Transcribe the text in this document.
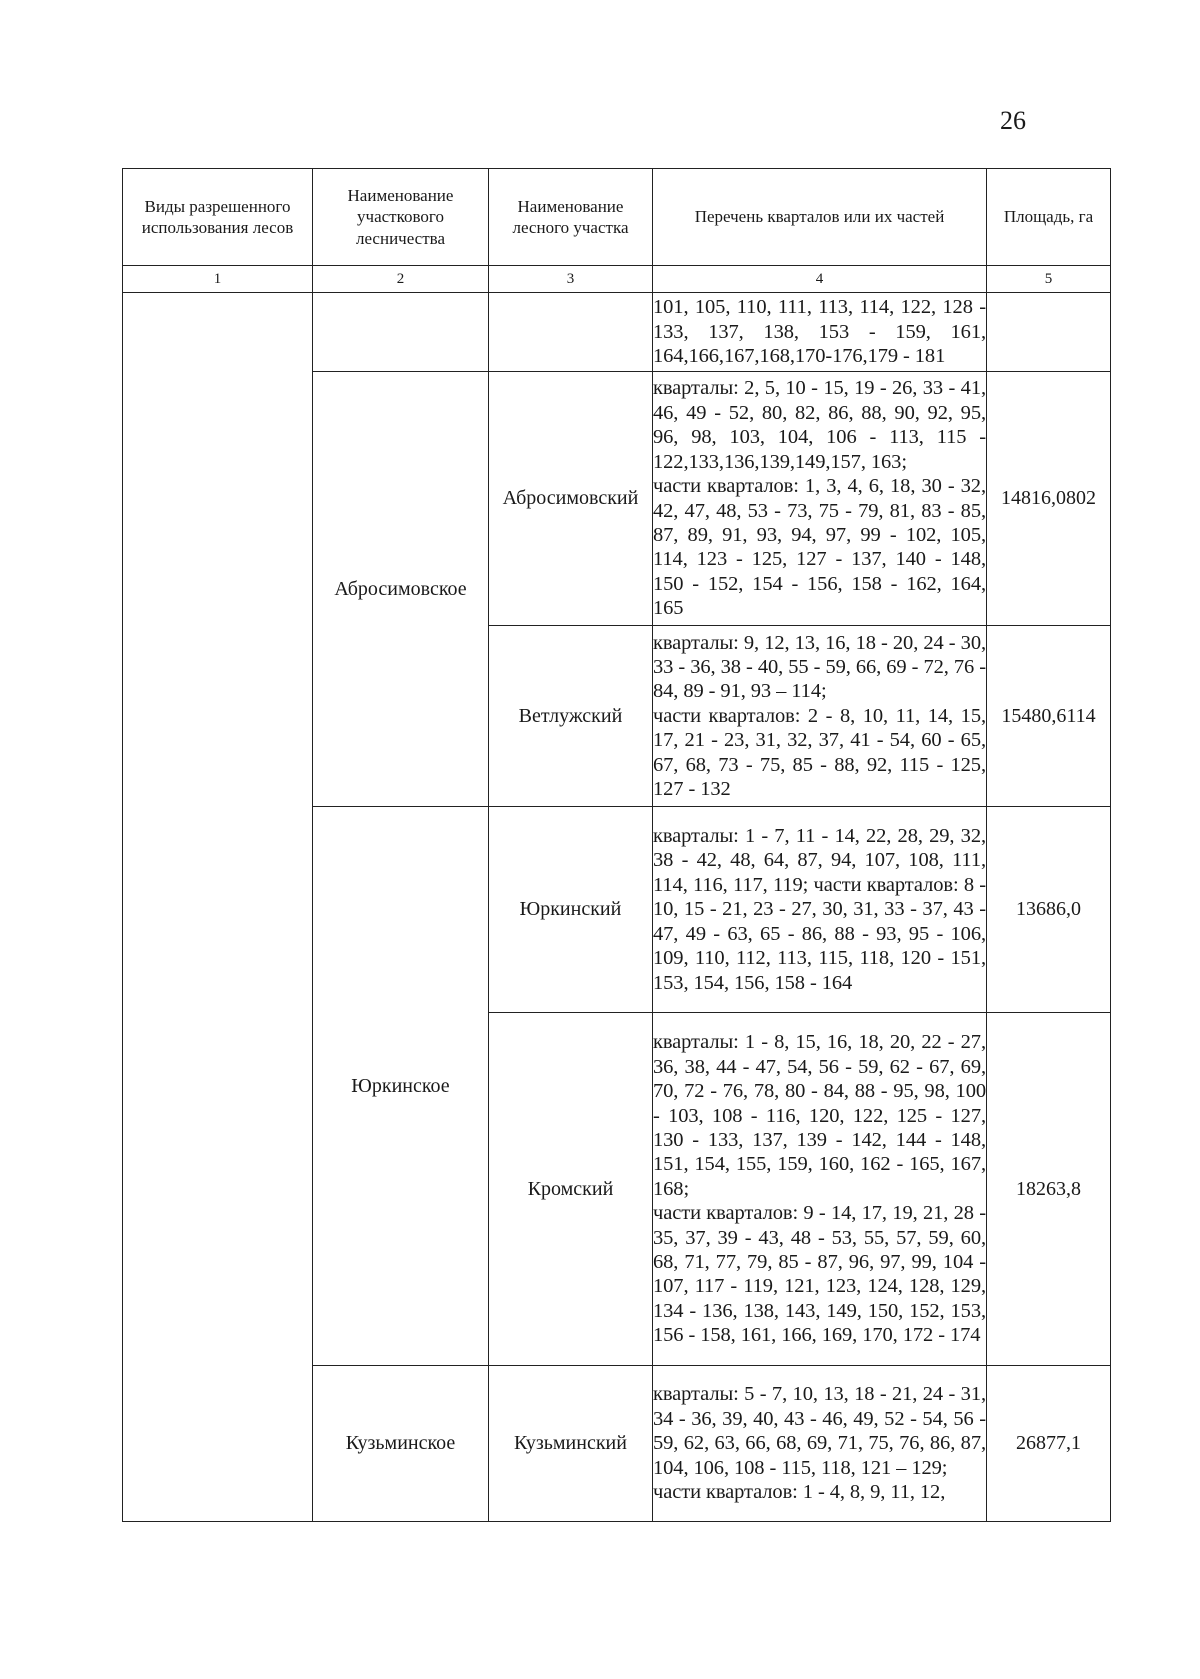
26
Виды разрешенного использования лесов	Наименование участкового лесничества	Наименование лесного участка	Перечень кварталов или их частей	Площадь, га
1	2	3	4	5
			101, 105, 110, 111, 113, 114, 122, 128 - 133, 137, 138, 153 - 159, 161, 164,166,167,168,170-176,179 - 181	
	Абросимовское	Абросимовский	кварталы: 2, 5, 10 - 15, 19 - 26, 33 - 41, 46, 49 - 52, 80, 82, 86, 88, 90, 92, 95, 96, 98, 103, 104, 106 - 113, 115 - 122,133,136,139,149,157, 163;
части кварталов: 1, 3, 4, 6, 18, 30 - 32, 42, 47, 48, 53 - 73, 75 - 79, 81, 83 - 85, 87, 89, 91, 93, 94, 97, 99 - 102, 105, 114, 123 - 125, 127 - 137, 140 - 148, 150 - 152, 154 - 156, 158 - 162, 164, 165	14816,0802
		Ветлужский	кварталы: 9, 12, 13, 16, 18 - 20, 24 - 30, 33 - 36, 38 - 40, 55 - 59, 66, 69 - 72, 76 - 84, 89 - 91, 93 – 114;
части кварталов: 2 - 8, 10, 11, 14, 15, 17, 21 - 23, 31, 32, 37, 41 - 54, 60 - 65, 67, 68, 73 - 75, 85 - 88, 92, 115 - 125, 127 - 132	15480,6114
	Юркинское	Юркинский	кварталы: 1 - 7, 11 - 14, 22, 28, 29, 32, 38 - 42, 48, 64, 87, 94, 107, 108, 111, 114, 116, 117, 119; части кварталов: 8 - 10, 15 - 21, 23 - 27, 30, 31, 33 - 37, 43 - 47, 49 - 63, 65 - 86, 88 - 93, 95 - 106, 109, 110, 112, 113, 115, 118, 120 - 151, 153, 154, 156, 158 - 164	13686,0
		Кромский	кварталы: 1 - 8, 15, 16, 18, 20, 22 - 27, 36, 38, 44 - 47, 54, 56 - 59, 62 - 67, 69, 70, 72 - 76, 78, 80 - 84, 88 - 95, 98, 100 - 103, 108 - 116, 120, 122, 125 - 127, 130 - 133, 137, 139 - 142, 144 - 148, 151, 154, 155, 159, 160, 162 - 165, 167, 168;
части кварталов: 9 - 14, 17, 19, 21, 28 - 35, 37, 39 - 43, 48 - 53, 55, 57, 59, 60, 68, 71, 77, 79, 85 - 87, 96, 97, 99, 104 - 107, 117 - 119, 121, 123, 124, 128, 129, 134 - 136, 138, 143, 149, 150, 152, 153, 156 - 158, 161, 166, 169, 170, 172 - 174	18263,8
	Кузьминское	Кузьминский	кварталы: 5 - 7, 10, 13, 18 - 21, 24 - 31, 34 - 36, 39, 40, 43 - 46, 49, 52 - 54, 56 - 59, 62, 63, 66, 68, 69, 71, 75, 76, 86, 87, 104, 106, 108 - 115, 118, 121 – 129;
части кварталов: 1 - 4, 8, 9, 11, 12,	26877,1
